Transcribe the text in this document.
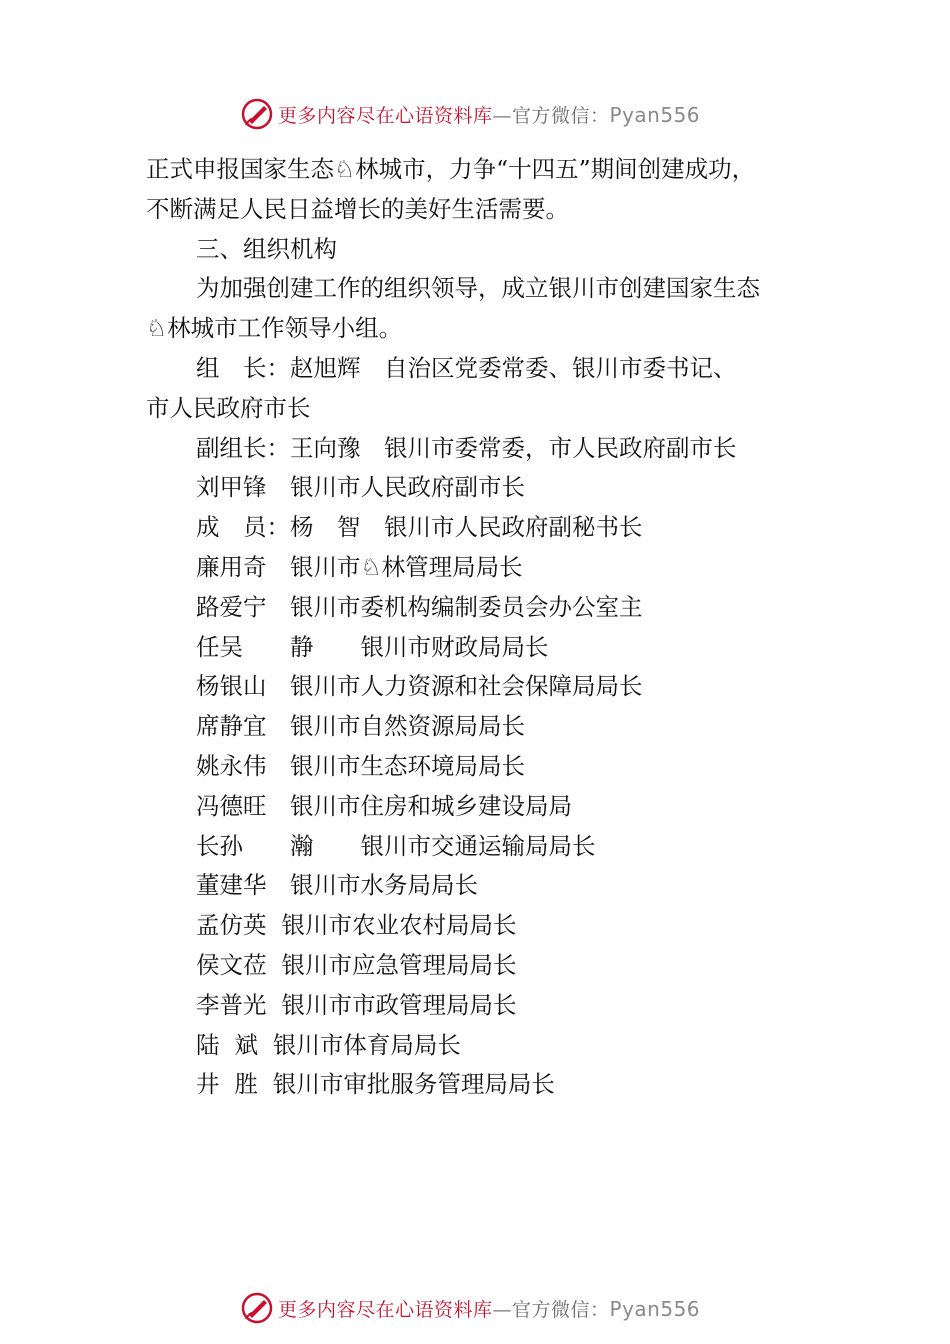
更多内容尽在心语资料库—官方微信：Pyan556
正式申报国家生态♘林城市，力争“十四五”期间创建成功，
不断满足人民日益增长的美好生活需要。
三、组织机构
为加强创建工作的组织领导，成立银川市创建国家生态
♘林城市工作领导小组。
组　长：赵旭辉　自治区党委常委、银川市委书记、
市人民政府市长
副组长：王向豫　银川市委常委，市人民政府副市长
刘甲锋　银川市人民政府副市长
成　员：杨　智　银川市人民政府副秘书长
廉用奇　银川市♘林管理局局长
路爱宁　银川市委机构编制委员会办公室主
任吴　　静　　银川市财政局局长
杨银山　银川市人力资源和社会保障局局长
席静宜　银川市自然资源局局长
姚永伟　银川市生态环境局局长
冯德旺　银川市住房和城乡建设局局
长孙　　瀚　　银川市交通运输局局长
董建华　银川市水务局局长
孟仿英  银川市农业农村局局长
侯文莅  银川市应急管理局局长
李普光  银川市市政管理局局长
陆  斌  银川市体育局局长
井  胜  银川市审批服务管理局局长
更多内容尽在心语资料库—官方微信：Pyan556
